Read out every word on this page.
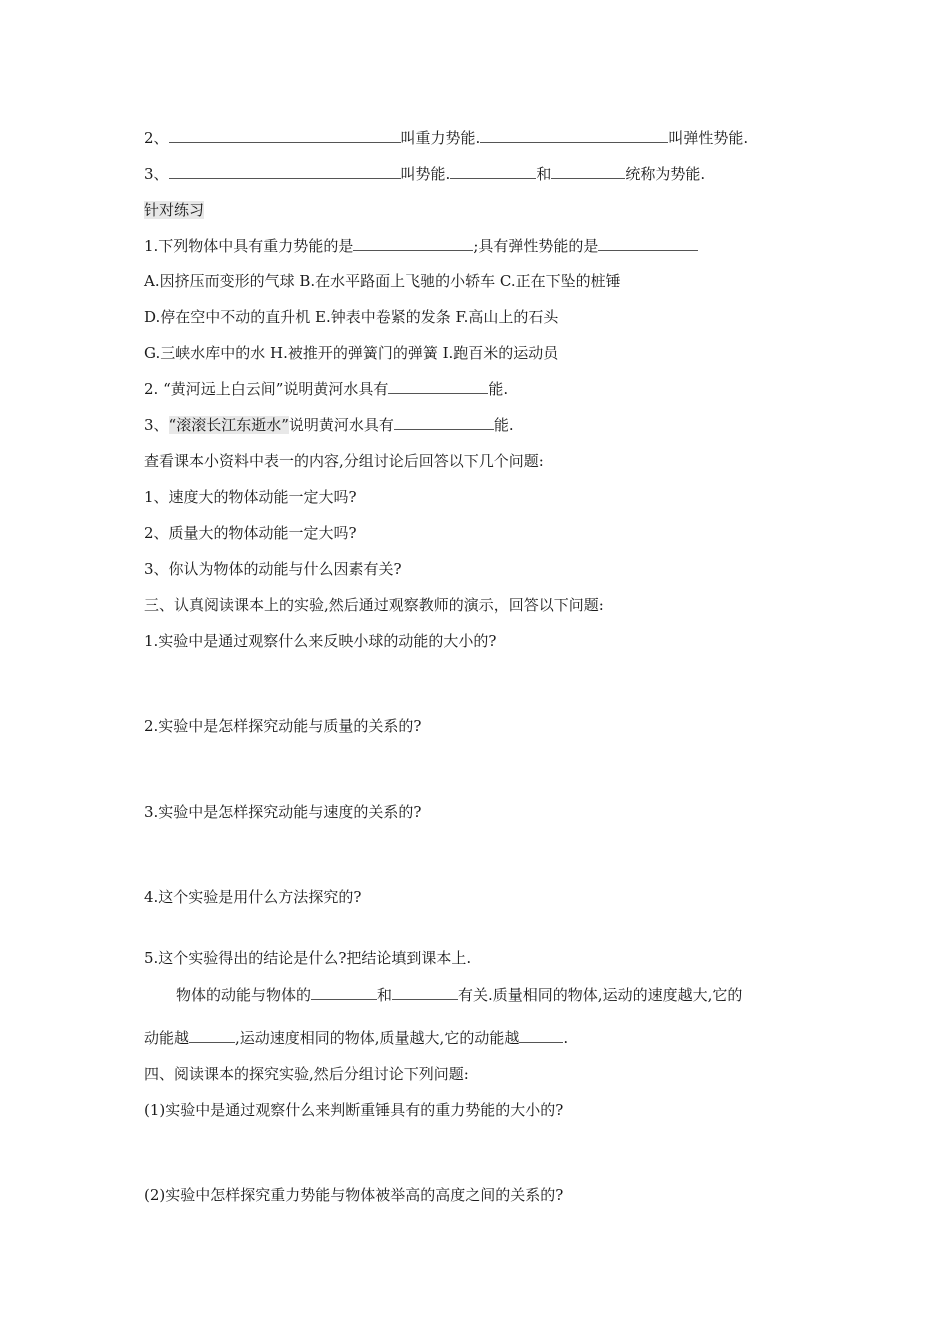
2、	叫重力势能.	叫弹性势能.
3、	叫势能.	和	统称为势能.
针对练习
1.下列物体中具有重力势能的是	;具有弹性势能的是
A.因挤压而变形的气球 B.在水平路面上飞驰的小轿车 C.正在下坠的桩锤
D.停在空中不动的直升机 E.钟表中卷紧的发条 F.高山上的石头
G.三峡水库中的水 H.被推开的弹簧门的弹簧 I.跑百米的运动员
2. “黄河远上白云间”说明黄河水具有	能.
3、“滚滚长江东逝水”说明黄河水具有	能.
查看课本小资料中表一的内容,分组讨论后回答以下几个问题:
1、速度大的物体动能一定大吗?
2、质量大的物体动能一定大吗?
3、你认为物体的动能与什么因素有关?
三、认真阅读课本上的实验,然后通过观察教师的演示，回答以下问题:
1.实验中是通过观察什么来反映小球的动能的大小的?
2.实验中是怎样探究动能与质量的关系的?
3.实验中是怎样探究动能与速度的关系的?
4.这个实验是用什么方法探究的?
5.这个实验得出的结论是什么?把结论填到课本上.
物体的动能与物体的	和	有关.质量相同的物体,运动的速度越大,它的
动能越	,运动速度相同的物体,质量越大,它的动能越	.
四、阅读课本的探究实验,然后分组讨论下列问题:
(1)实验中是通过观察什么来判断重锤具有的重力势能的大小的?
(2)实验中怎样探究重力势能与物体被举高的高度之间的关系的?
